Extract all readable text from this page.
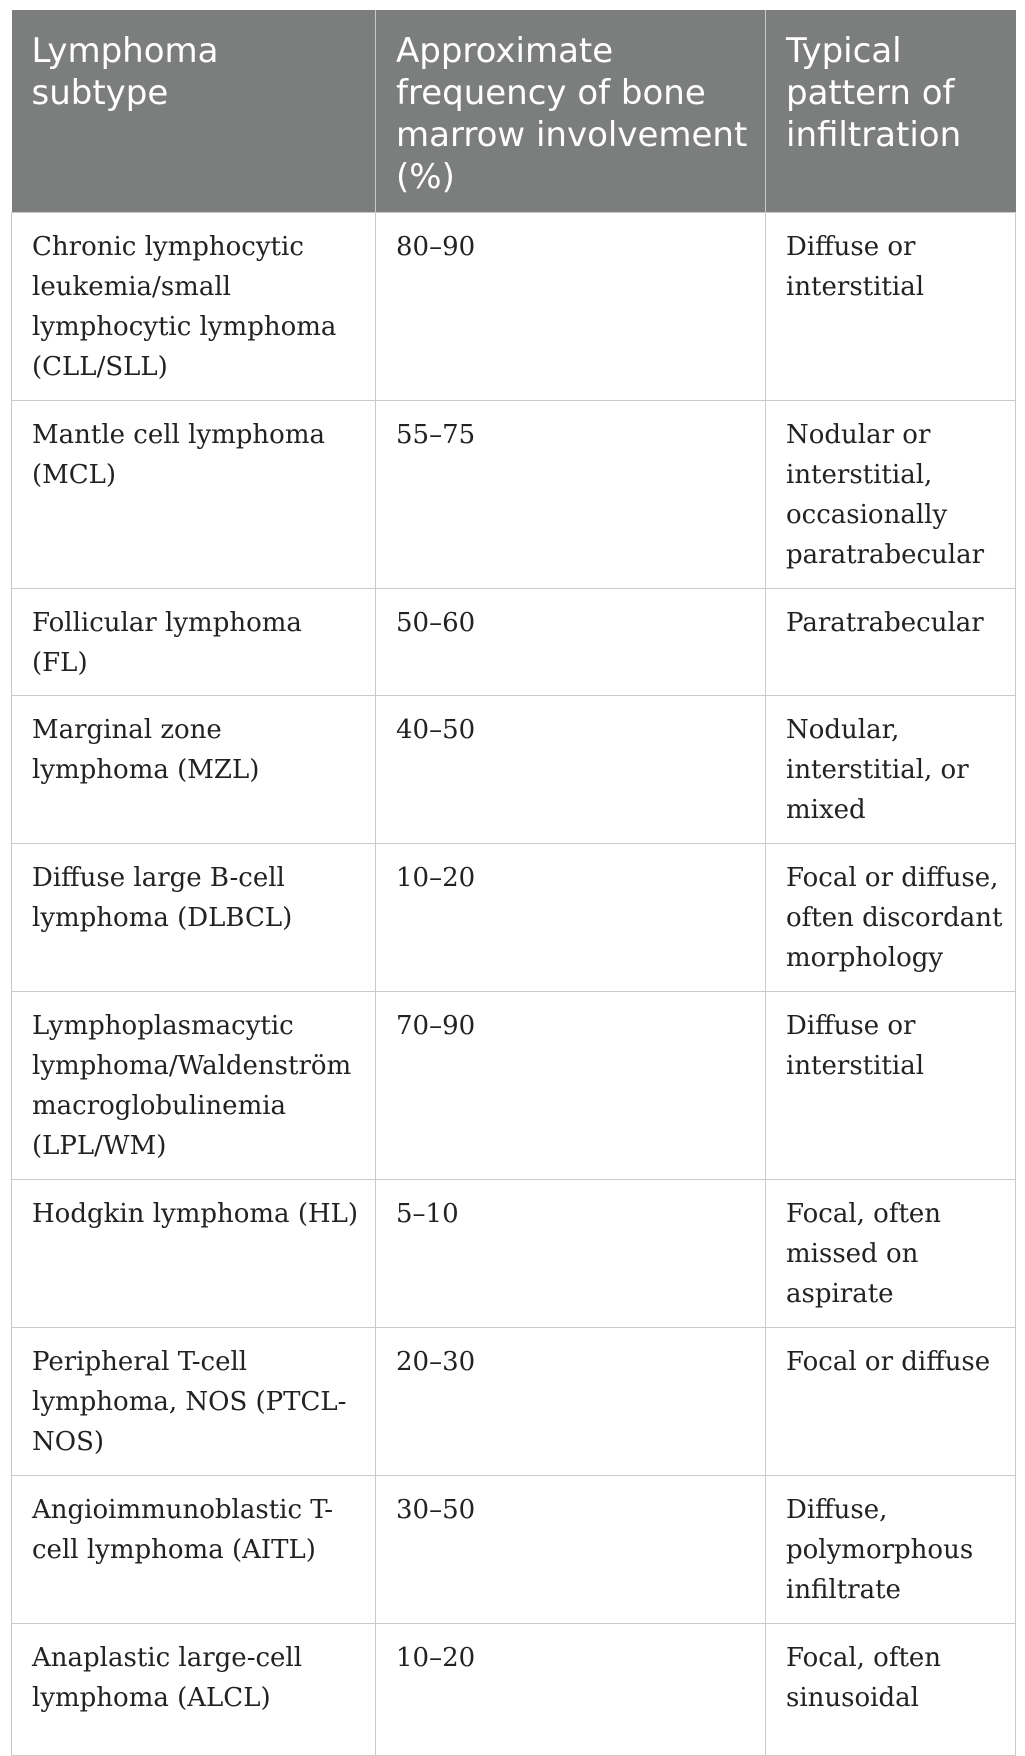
Lymphoma subtype	Approximate frequency of bone marrow involvement (%)	Typical pattern of infiltration
Chronic lymphocytic leukemia/small lymphocytic lymphoma (CLL/SLL)	80–90	Diffuse or interstitial
Mantle cell lymphoma (MCL)	55–75	Nodular or interstitial, occasionally paratrabecular
Follicular lymphoma (FL)	50–60	Paratrabecular
Marginal zone lymphoma (MZL)	40–50	Nodular, interstitial, or mixed
Diffuse large B-cell lymphoma (DLBCL)	10–20	Focal or diffuse, often discordant morphology
Lymphoplasmacytic lymphoma/Waldenström macroglobulinemia (LPL/WM)	70–90	Diffuse or interstitial
Hodgkin lymphoma (HL)	5–10	Focal, often missed on aspirate
Peripheral T-cell lymphoma, NOS (PTCL-NOS)	20–30	Focal or diffuse
Angioimmunoblastic T-cell lymphoma (AITL)	30–50	Diffuse, polymorphous infiltrate
Anaplastic large-cell lymphoma (ALCL)	10–20	Focal, often sinusoidal
